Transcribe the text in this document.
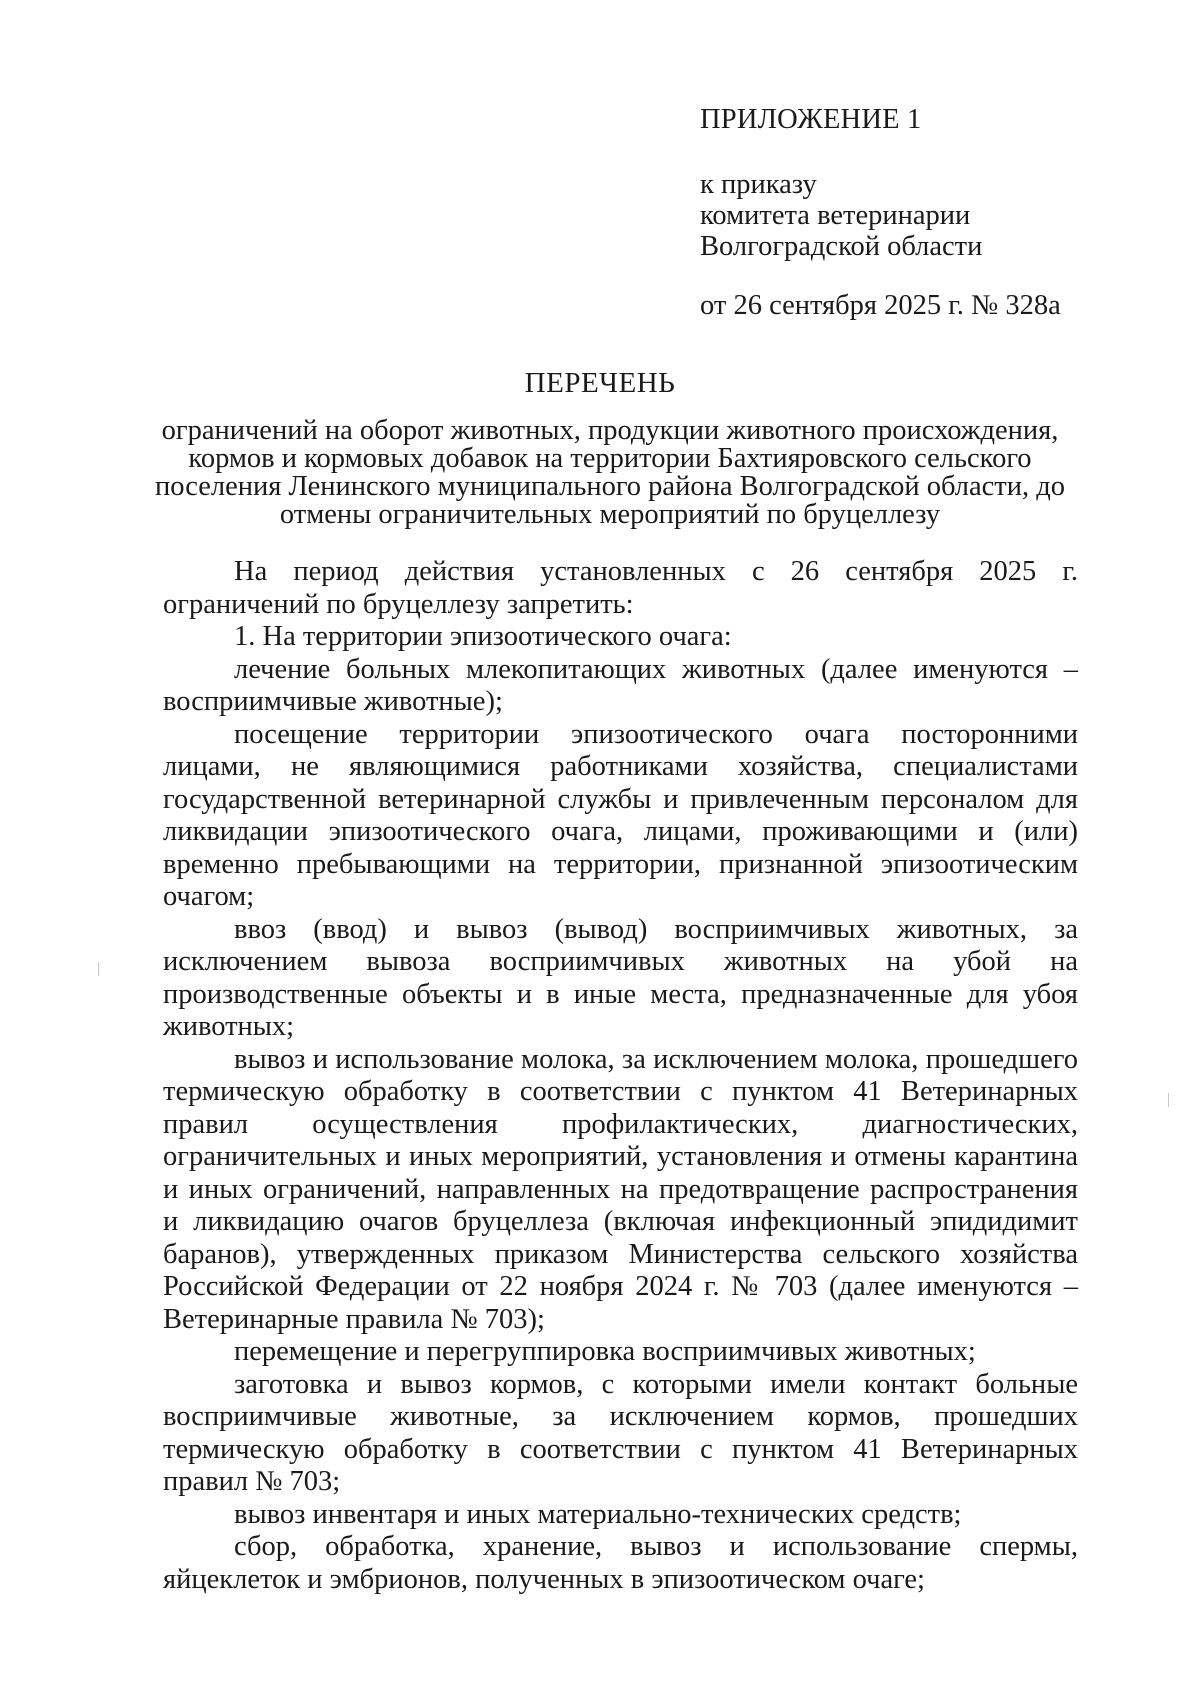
ПРИЛОЖЕНИЕ 1

к приказу
комитета ветеринарии
Волгоградской области

от 26 сентября 2025 г. № 328а

ПЕРЕЧЕНЬ
ограничений на оборот животных, продукции животного происхождения,
кормов и кормовых добавок на территории Бахтияровского сельского
поселения Ленинского муниципального района Волгоградской области, до
отмены ограничительных мероприятий по бруцеллезу

На период действия установленных с 26 сентября 2025 г. ограничений по бруцеллезу запретить:

1. На территории эпизоотического очага:

лечение больных млекопитающих животных (далее именуются – восприимчивые животные);

посещение территории эпизоотического очага посторонними лицами, не являющимися работниками хозяйства, специалистами государственной ветеринарной службы и привлеченным персоналом для ликвидации эпизоотического очага, лицами, проживающими и (или) временно пребывающими на территории, признанной эпизоотическим очагом;

ввоз (ввод) и вывоз (вывод) восприимчивых животных, за исключением вывоза восприимчивых животных на убой на производственные объекты и в иные места, предназначенные для убоя животных;

вывоз и использование молока, за исключением молока, прошедшего термическую обработку в соответствии с пунктом 41 Ветеринарных правил осуществления профилактических, диагностических, ограничительных и иных мероприятий, установления и отмены карантина и иных ограничений, направленных на предотвращение распространения и ликвидацию очагов бруцеллеза (включая инфекционный эпидидимит баранов), утвержденных приказом Министерства сельского хозяйства Российской Федерации от 22 ноября 2024 г. № 703 (далее именуются – Ветеринарные правила № 703);

перемещение и перегруппировка восприимчивых животных;

заготовка и вывоз кормов, с которыми имели контакт больные восприимчивые животные, за исключением кормов, прошедших термическую обработку в соответствии с пунктом 41 Ветеринарных правил № 703;

вывоз инвентаря и иных материально-технических средств;

сбор, обработка, хранение, вывоз и использование спермы, яйцеклеток и эмбрионов, полученных в эпизоотическом очаге;
